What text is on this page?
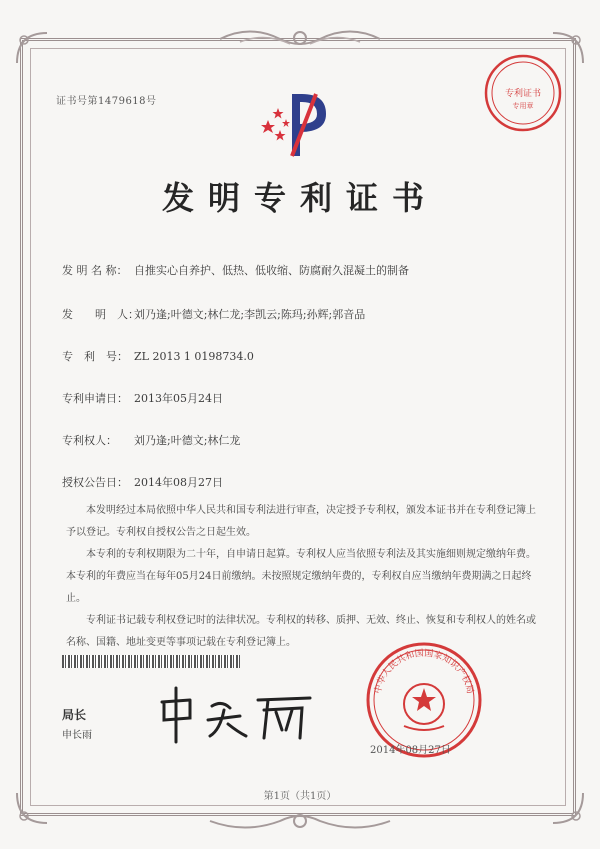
证书号第1479618号
专利证书
专用章
发明专利证书
发 明 名 称： 自推实心自养护、低热、低收缩、防腐耐久混凝土的制备
发　　明　人：刘乃逢;叶德文;林仁龙;李凯云;陈玛;孙辉;郭音品
专　利　号： ZL 2013 1 0198734.0
专利申请日： 2013年05月24日
专利权人： 刘乃逢;叶德文;林仁龙
授权公告日： 2014年08月27日

本发明经过本局依照中华人民共和国专利法进行审查，决定授予专利权，颁发本证书并在专利登记簿上予以登记。专利权自授权公告之日起生效。

本专利的专利权期限为二十年，自申请日起算。专利权人应当依照专利法及其实施细则规定缴纳年费。本专利的年费应当在每年05月24日前缴纳。未按照规定缴纳年费的，专利权自应当缴纳年费期满之日起终止。

专利证书记载专利权登记时的法律状况。专利权的转移、质押、无效、终止、恢复和专利权人的姓名或名称、国籍、地址变更等事项记载在专利登记簿上。

局长
申长雨
中华人民共和国国家知识产权局
2014年08月27日
第1页（共1页）
